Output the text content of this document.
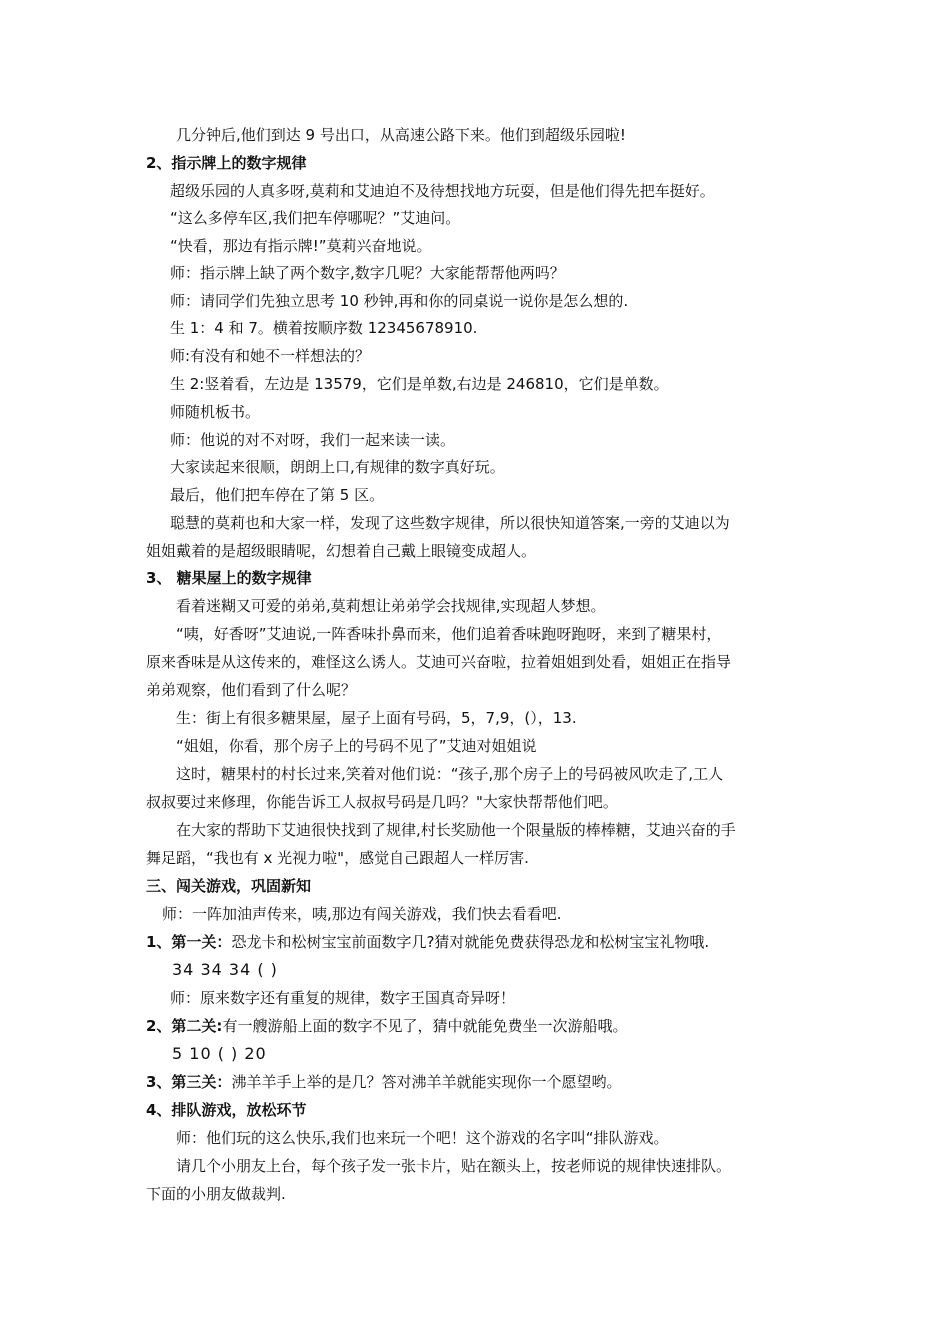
几分钟后,他们到达 9 号出口，从高速公路下来。他们到超级乐园啦!
2、指示牌上的数字规律
超级乐园的人真多呀,莫莉和艾迪迫不及待想找地方玩耍，但是他们得先把车挺好。
“这么多停车区,我们把车停哪呢？”艾迪问。
“快看，那边有指示牌!”莫莉兴奋地说。
师：指示牌上缺了两个数字,数字几呢？大家能帮帮他两吗？
师：请同学们先独立思考 10 秒钟,再和你的同桌说一说你是怎么想的.
生 1：4 和 7。横着按顺序数 12345678910.
师:有没有和她不一样想法的？
生 2:竖着看，左边是 13579，它们是单数,右边是 246810，它们是单数。
师随机板书。
师：他说的对不对呀，我们一起来读一读。
大家读起来很顺，朗朗上口,有规律的数字真好玩。
最后，他们把车停在了第 5 区。
聪慧的莫莉也和大家一样，发现了这些数字规律，所以很快知道答案,一旁的艾迪以为
姐姐戴着的是超级眼睛呢，幻想着自己戴上眼镜变成超人。
3、 糖果屋上的数字规律
看着迷糊又可爱的弟弟,莫莉想让弟弟学会找规律,实现超人梦想。
“咦，好香呀”艾迪说,一阵香味扑鼻而来，他们追着香味跑呀跑呀，来到了糖果村，
原来香味是从这传来的，难怪这么诱人。艾迪可兴奋啦，拉着姐姐到处看，姐姐正在指导
弟弟观察，他们看到了什么呢？
生：街上有很多糖果屋，屋子上面有号码，5，7,9，(），13.
“姐姐，你看，那个房子上的号码不见了”艾迪对姐姐说
这时，糖果村的村长过来,笑着对他们说：“孩子,那个房子上的号码被风吹走了,工人
叔叔要过来修理，你能告诉工人叔叔号码是几吗？"大家快帮帮他们吧。
在大家的帮助下艾迪很快找到了规律,村长奖励他一个限量版的棒棒糖，艾迪兴奋的手
舞足蹈，“我也有 x 光视力啦"，感觉自己跟超人一样厉害.
三、闯关游戏，巩固新知
师：一阵加油声传来，咦,那边有闯关游戏，我们快去看看吧.
1、第一关：恐龙卡和松树宝宝前面数字几?猜对就能免费获得恐龙和松树宝宝礼物哦.
34 34 34 ( )
师：原来数字还有重复的规律，数字王国真奇异呀！
2、第二关:有一艘游船上面的数字不见了，猜中就能免费坐一次游船哦。
5 10 ( ) 20
3、第三关：沸羊羊手上举的是几？答对沸羊羊就能实现你一个愿望哟。
4、排队游戏，放松环节
师：他们玩的这么快乐,我们也来玩一个吧！这个游戏的名字叫“排队游戏。
请几个小朋友上台，每个孩子发一张卡片，贴在额头上，按老师说的规律快速排队。
下面的小朋友做裁判.
